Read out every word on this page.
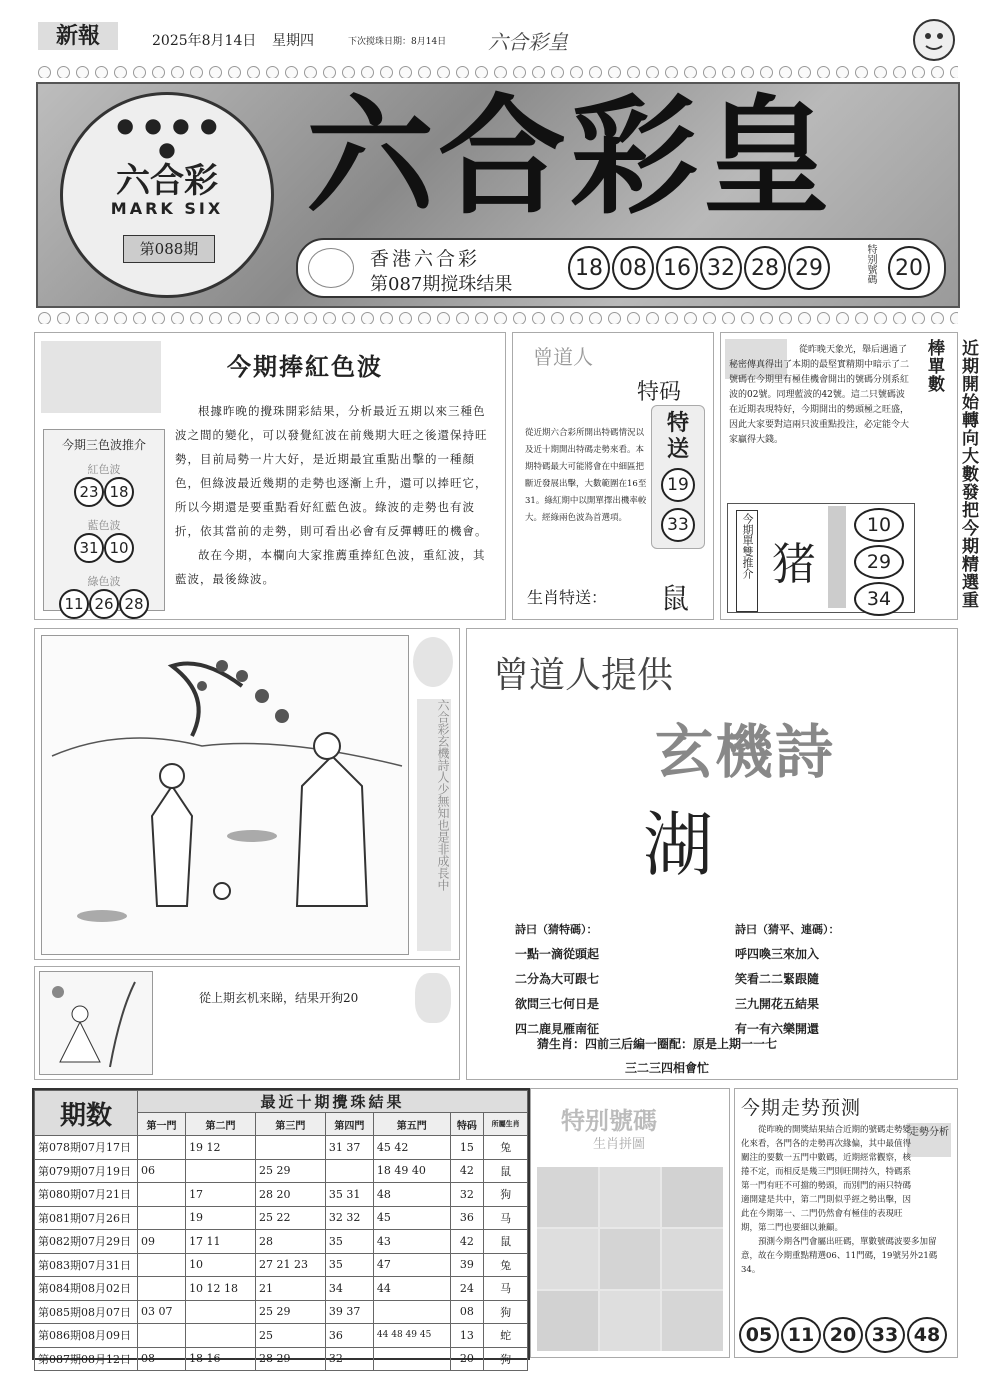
新報	2025年8月14日 星期四	下次搅珠日期：8月14日 六合彩皇
● ● ● ● ●
六合彩
MARK SIX
第088期
六合彩皇
香港六合彩
第087期搅珠结果
18 08 16 32 28 29	特别號碼 20
今期捧紅色波
今期三色波推介
紅色波
23 18
藍色波
31 10
綠色波
11 26 28
根據昨晚的攪珠開彩結果，分析最近五期以來三種色波之間的變化，可以發覺紅波在前幾期大旺之後還保持旺勢，目前局勢一片大好，是近期最宜重點出擊的一種顏色，但綠波最近幾期的走勢也逐漸上升，還可以捧旺它，所以今期還是要重點看好紅藍色波。綠波的走勢也有波折，依其當前的走勢，則可看出必會有反彈轉旺的機會。
故在今期，本欄向大家推薦重捧紅色波，重紅波，其藍波，最後綠波。
曾道人
特码
特送
19
33
從近期六合彩所開出特碼情況以及近十期開出特碼走勢來看。本期特碼最大可能將會在中細區把斷近發展出擊，大數範圍在16至31。綠紅期中以開單擇出機率較大。經綠兩色波為首選項。
生肖特送： 鼠
從昨晚天象光，舉后遇過了秘密傳真得出了本期的最堅實精期中暗示了二號碼在今期里有極佳機會開出的號碼分別系紅波的02號。同理藍波的42號。這二只號碼波在近期表現特好，今期開出的勢頭極之旺盛，因此大家要對這兩只波重點投注，必定能令大家贏得大錢。	近期開始轉向大數發把今期精選重棒單數
今期單雙推介 猪
10 29 34
六合彩玄機詩人少無知也是非成長中
曾道人提供
玄機詩
湖
詩曰（猜特碼）：
一點一滴從頭起
二分為大可跟七
欲問三七何日是
四二鹿見雁南征
詩曰（猜平、連碼）：
呼四喚三來加入
笑看二二緊跟隨
三九開花五結果
有一有六樂開還
猜生肖：四前三后編一圈配：原是上期一一七
三二三四相會忙
從上期玄机来睇，结果开狗20
期数	最近十期攪珠結果						
	第一門	第二門	第三門	第四門	第五門	特码	所屬生肖
第078期07月17日		19 12		31 37	45 42	15	兔
第079期07月19日	06		25 29		18 49 40	42	鼠
第080期07月21日		17	28 20	35 31	48	32	狗
第081期07月26日		19	25 22	32 32	45	36	马
第082期07月29日	09	17 11	28	35	43	42	鼠
第083期07月31日		10	27 21 23	35	47	39	兔
第084期08月02日		10 12 18	21	34	44	24	马
第085期08月07日	03 07		25 29	39 37		08	狗
第086期08月09日			25	36	44 48 49 45	13	蛇
第087期08月12日	08	18 16	28 29	32		20	狗
特别號碼
生肖拼圖
今期走势预测
走勢分析
從昨晚的開獎結果結合近期的號碼走勢變化來看，各門各的走勢再次緣偏，其中最值得關注的要數一五門中數碼，近期經常觀察，核捲不定，而相反是幾三門則旺開持久，特碼系第一門有旺不可擋的勢頭，而別門的兩只特碼適開建是共中，第二門則似乎經之勢出擊，因此在今期第一、二門仍然會有極佳的表現旺期，第二門也要細以兼顧。
預測今期各門會屬出旺碼，單數號碼波要多加留意，故在今期重點精選06、11門碼，19號另外21碼34。
05 11 20 33 48
